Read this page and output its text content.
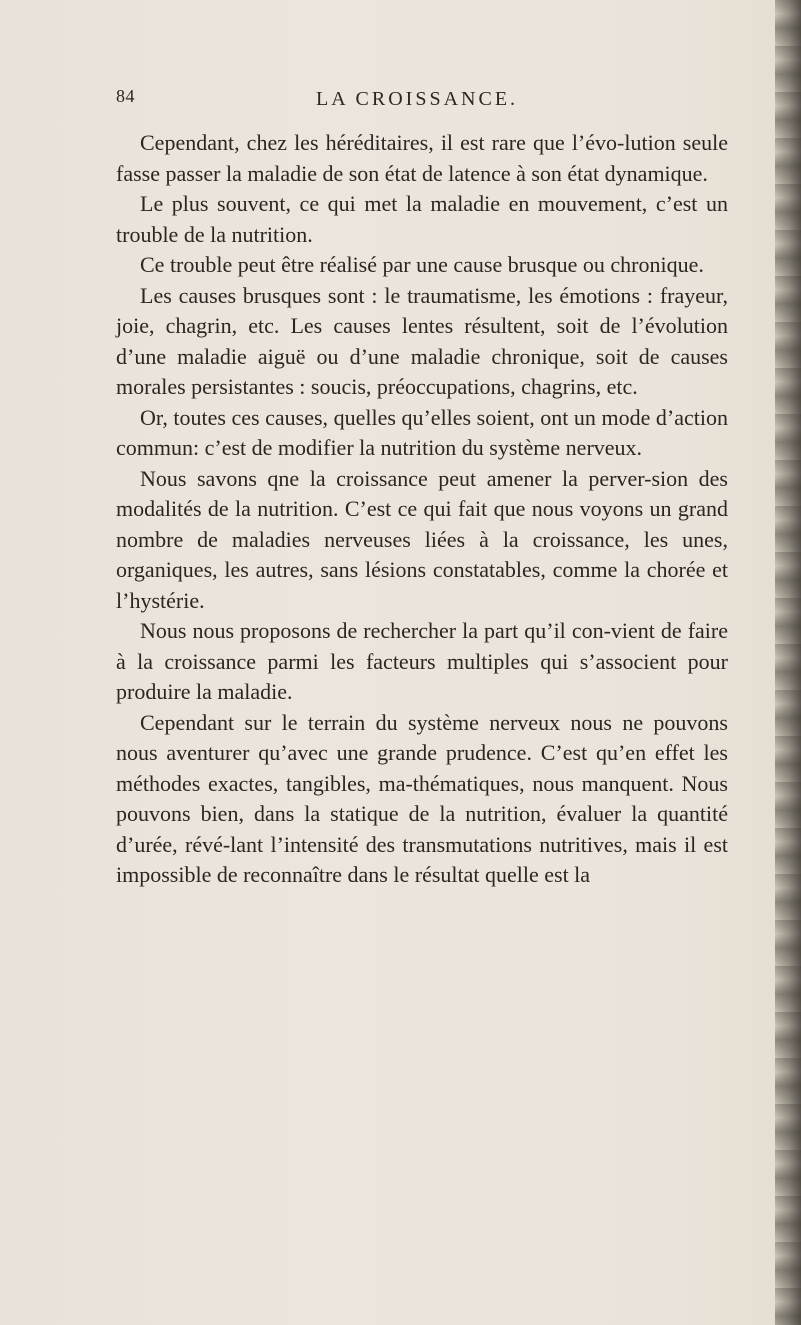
84	LA CROISSANCE.

Cependant, chez les héréditaires, il est rare que l’évo-lution seule fasse passer la maladie de son état de latence à son état dynamique.

Le plus souvent, ce qui met la maladie en mouvement, c’est un trouble de la nutrition.

Ce trouble peut être réalisé par une cause brusque ou chronique.

Les causes brusques sont : le traumatisme, les émotions : frayeur, joie, chagrin, etc. Les causes lentes résultent, soit de l’évolution d’une maladie aiguë ou d’une maladie chronique, soit de causes morales persistantes : soucis, préoccupations, chagrins, etc.

Or, toutes ces causes, quelles qu’elles soient, ont un mode d’action commun: c’est de modifier la nutrition du système nerveux.

Nous savons qne la croissance peut amener la perver-sion des modalités de la nutrition. C’est ce qui fait que nous voyons un grand nombre de maladies nerveuses liées à la croissance, les unes, organiques, les autres, sans lésions constatables, comme la chorée et l’hystérie.

Nous nous proposons de rechercher la part qu’il con-vient de faire à la croissance parmi les facteurs multiples qui s’associent pour produire la maladie.

Cependant sur le terrain du système nerveux nous ne pouvons nous aventurer qu’avec une grande prudence. C’est qu’en effet les méthodes exactes, tangibles, ma-thématiques, nous manquent. Nous pouvons bien, dans la statique de la nutrition, évaluer la quantité d’urée, révé-lant l’intensité des transmutations nutritives, mais il est impossible de reconnaître dans le résultat quelle est la
